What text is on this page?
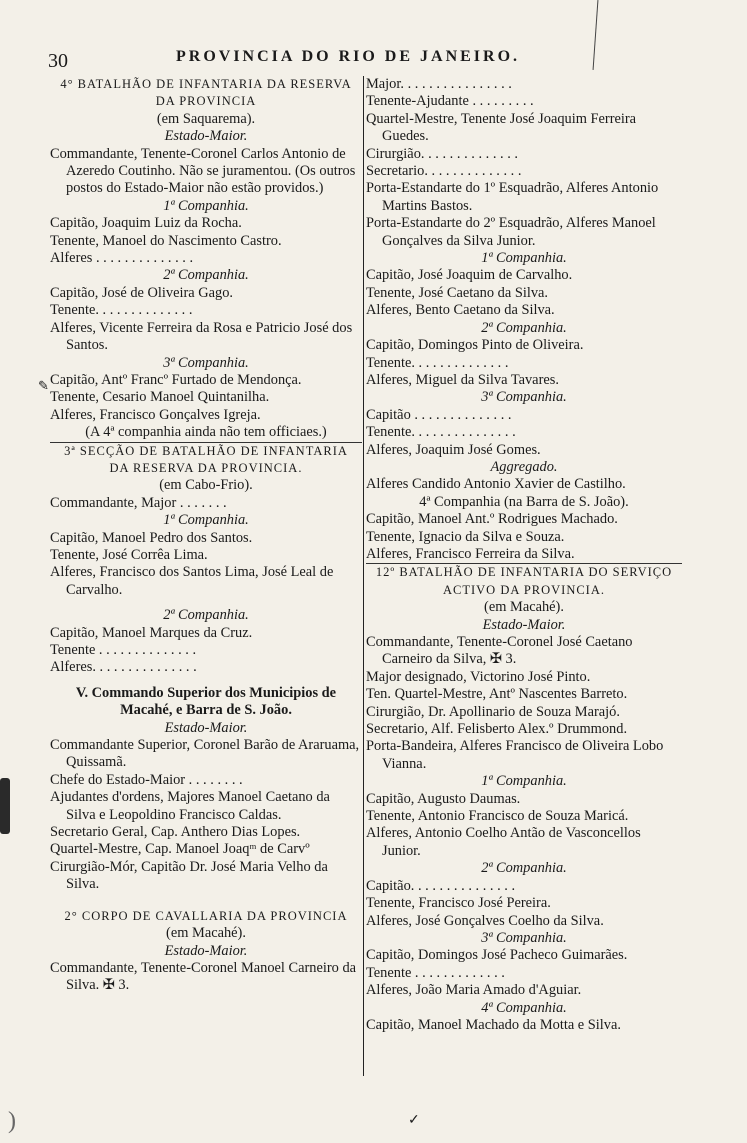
30	PROVINCIA DO RIO DE JANEIRO.
4° BATALHÃO DE INFANTARIA DA RESERVA
DA PROVINCIA
(em Saquarema).
Estado-Maior.
Commandante, Tenente-Coronel Carlos Antonio de Azeredo Coutinho. Não se juramentou. (Os outros postos do Estado-Maior não estão providos.)
1ª Companhia.
Capitão, Joaquim Luiz da Rocha.
Tenente, Manoel do Nascimento Castro.
Alferes . . . . . . . . . . . . . .
2ª Companhia.
Capitão, José de Oliveira Gago.
Tenente. . . . . . . . . . . . . .
Alferes, Vicente Ferreira da Rosa e Patricio José dos Santos.
3ª Companhia.
Capitão, Antº Francº Furtado de Mendonça.
Tenente, Cesario Manoel Quintanilha.
Alferes, Francisco Gonçalves Igreja.
(A 4ª companhia ainda não tem officiaes.)
3ª SECÇÃO DE BATALHÃO DE INFANTARIA
DA RESERVA DA PROVINCIA.
(em Cabo-Frio).
Commandante, Major . . . . . . .
1ª Companhia.
Capitão, Manoel Pedro dos Santos.
Tenente, José Corrêa Lima.
Alferes, Francisco dos Santos Lima, José Leal de Carvalho.
2ª Companhia.
Capitão, Manoel Marques da Cruz.
Tenente . . . . . . . . . . . . . .
Alferes. . . . . . . . . . . . . . .
V. Commando Superior dos Municipios de Macahé, e Barra de S. João.
Estado-Maior.
Commandante Superior, Coronel Barão de Araruama, Quissamã.
Chefe do Estado-Maior . . . . . . . .
Ajudantes d'ordens, Majores Manoel Caetano da Silva e Leopoldino Francisco Caldas.
Secretario Geral, Cap. Anthero Dias Lopes.
Quartel-Mestre, Cap. Manoel Joaqᵐ de Carvº
Cirurgião-Mór, Capitão Dr. José Maria Velho da Silva.
2° CORPO DE CAVALLARIA DA PROVINCIA
(em Macahé).
Estado-Maior.
Commandante, Tenente-Coronel Manoel Carneiro da Silva. ✠ 3.
Major. . . . . . . . . . . . . . . .
Tenente-Ajudante . . . . . . . . .
Quartel-Mestre, Tenente José Joaquim Ferreira Guedes.
Cirurgião. . . . . . . . . . . . . .
Secretario. . . . . . . . . . . . . .
Porta-Estandarte do 1º Esquadrão, Alferes Antonio Martins Bastos.
Porta-Estandarte do 2º Esquadrão, Alferes Manoel Gonçalves da Silva Junior.
1ª Companhia.
Capitão, José Joaquim de Carvalho.
Tenente, José Caetano da Silva.
Alferes, Bento Caetano da Silva.
2ª Companhia.
Capitão, Domingos Pinto de Oliveira.
Tenente. . . . . . . . . . . . . .
Alferes, Miguel da Silva Tavares.
3ª Companhia.
Capitão . . . . . . . . . . . . . .
Tenente. . . . . . . . . . . . . . .
Alferes, Joaquim José Gomes.
Aggregado.
Alferes Candido Antonio Xavier de Castilho.
4ª Companhia (na Barra de S. João).
Capitão, Manoel Ant.º Rodrigues Machado.
Tenente, Ignacio da Silva e Souza.
Alferes, Francisco Ferreira da Silva.
12º BATALHÃO DE INFANTARIA DO SERVIÇO
ACTIVO DA PROVINCIA.
(em Macahé).
Estado-Maior.
Commandante, Tenente-Coronel José Caetano Carneiro da Silva, ✠ 3.
Major designado, Victorino José Pinto.
Ten. Quartel-Mestre, Antº Nascentes Barreto.
Cirurgião, Dr. Apollinario de Souza Marajó.
Secretario, Alf. Felisberto Alex.º Drummond.
Porta-Bandeira, Alferes Francisco de Oliveira Lobo Vianna.
1ª Companhia.
Capitão, Augusto Daumas.
Tenente, Antonio Francisco de Souza Maricá.
Alferes, Antonio Coelho Antão de Vasconcellos Junior.
2ª Companhia.
Capitão. . . . . . . . . . . . . . .
Tenente, Francisco José Pereira.
Alferes, José Gonçalves Coelho da Silva.
3ª Companhia.
Capitão, Domingos José Pacheco Guimarães.
Tenente . . . . . . . . . . . . .
Alferes, João Maria Amado d'Aguiar.
4ª Companhia.
Capitão, Manoel Machado da Motta e Silva.
✎
✓
)
